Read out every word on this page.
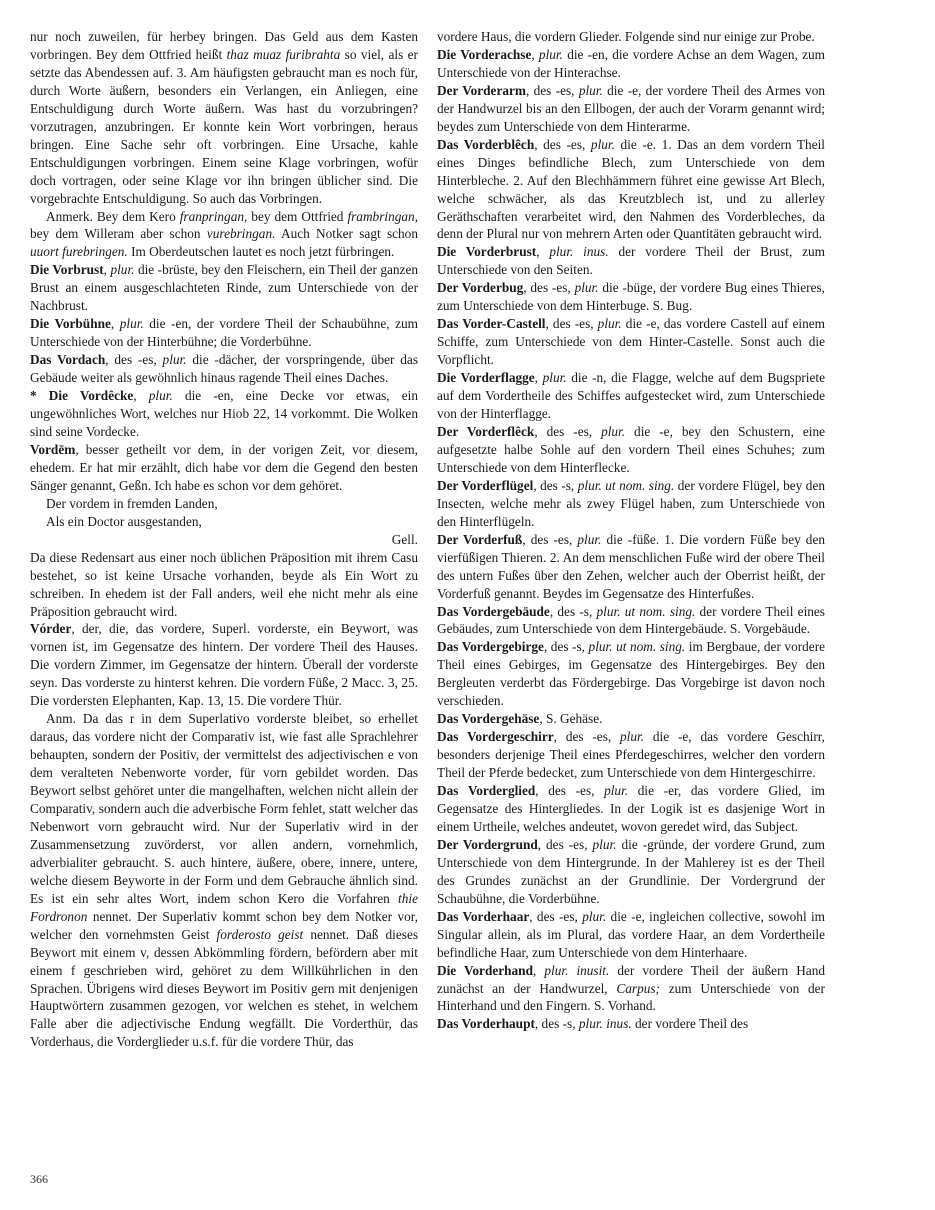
nur noch zuweilen, für herbey bringen. Das Geld aus dem Kasten vorbringen. Bey dem Ottfried heißt thaz muaz furibrahta so viel, als er setzte das Abendessen auf. 3. Am häufigsten gebraucht man es noch für, durch Worte äußern, besonders ein Verlangen, ein Anliegen, eine Entschuldigung durch Worte äußern. Was hast du vorzubringen? vorzutragen, anzubringen. Er konnte kein Wort vorbringen, heraus bringen. Eine Sache sehr oft vorbringen. Eine Ursache, kahle Entschuldigungen vorbringen. Einem seine Klage vorbringen, wofür doch vortragen, oder seine Klage vor ihn bringen üblicher sind. Die vorgebrachte Entschuldigung. So auch das Vorbringen.

Anmerk. Bey dem Kero franpringan, bey dem Ottfried frambringan, bey dem Willeram aber schon vurebringan. Auch Notker sagt schon uuort furebringen. Im Oberdeutschen lautet es noch jetzt fürbringen.

Die Vorbrust, plur. die -brüste, bey den Fleischern, ein Theil der ganzen Brust an einem ausgeschlachteten Rinde, zum Unterschiede von der Nachbrust.

Die Vorbühne, plur. die -en, der vordere Theil der Schaubühne, zum Unterschiede von der Hinterbühne; die Vorderbühne.

Das Vordach, des -es, plur. die -dächer, der vorspringende, über das Gebäude weiter als gewöhnlich hinaus ragende Theil eines Daches.

* Die Vordêcke, plur. die -en, eine Decke vor etwas, ein ungewöhnliches Wort, welches nur Hiob 22, 14 vorkommt. Die Wolken sind seine Vordecke.

Vordēm, besser getheilt vor dem, in der vorigen Zeit, vor diesem, ehedem. Er hat mir erzählt, dich habe vor dem die Gegend den besten Sänger genannt, Geßn. Ich habe es schon vor dem gehöret.

Der vordem in fremden Landen,

Als ein Doctor ausgestanden,

Gell.

Da diese Redensart aus einer noch üblichen Präposition mit ihrem Casu bestehet, so ist keine Ursache vorhanden, beyde als Ein Wort zu schreiben. In ehedem ist der Fall anders, weil ehe nicht mehr als eine Präposition gebraucht wird.

Vórder, der, die, das vordere, Superl. vorderste, ein Beywort, was vornen ist, im Gegensatze des hintern. Der vordere Theil des Hauses. Die vordern Zimmer, im Gegensatze der hintern. Überall der vorderste seyn. Das vorderste zu hinterst kehren. Die vordern Füße, 2 Macc. 3, 25. Die vordersten Elephanten, Kap. 13, 15. Die vordere Thür.

Anm. Da das r in dem Superlativo vorderste bleibet, so erhellet daraus, das vordere nicht der Comparativ ist, wie fast alle Sprachlehrer behaupten, sondern der Positiv, der vermittelst des adjectivischen e von dem veralteten Nebenworte vorder, für vorn gebildet worden. Das Beywort selbst gehöret unter die mangelhaften, welchen nicht allein der Comparativ, sondern auch die adverbische Form fehlet, statt welcher das Nebenwort vorn gebraucht wird. Nur der Superlativ wird in der Zusammensetzung zuvörderst, vor allen andern, vornehmlich, adverbialiter gebraucht. S. auch hintere, äußere, obere, innere, untere, welche diesem Beyworte in der Form und dem Gebrauche ähnlich sind. Es ist ein sehr altes Wort, indem schon Kero die Vorfahren thie Fordronon nennet. Der Superlativ kommt schon bey dem Notker vor, welcher den vornehmsten Geist forderosto geist nennet. Daß dieses Beywort mit einem v, dessen Abkömmling fördern, befördern aber mit einem f geschrieben wird, gehöret zu dem Willkührlichen in den Sprachen. Übrigens wird dieses Beywort im Positiv gern mit denjenigen Hauptwörtern zusammen gezogen, vor welchen es stehet, in welchem Falle aber die adjectivische Endung wegfällt. Die Vorderthür, das Vorderhaus, die Vorderglieder u.s.f. für die vordere Thür, das

vordere Haus, die vordern Glieder. Folgende sind nur einige zur Probe.

Die Vorderachse, plur. die -en, die vordere Achse an dem Wagen, zum Unterschiede von der Hinterachse.

Der Vorderarm, des -es, plur. die -e, der vordere Theil des Armes von der Handwurzel bis an den Ellbogen, der auch der Vorarm genannt wird; beydes zum Unterschiede von dem Hinterarme.

Das Vorderblêch, des -es, plur. die -e. 1. Das an dem vordern Theil eines Dinges befindliche Blech, zum Unterschiede von dem Hinterbleche. 2. Auf den Blechhämmern führet eine gewisse Art Blech, welche schwächer, als das Kreutzblech ist, und zu allerley Geräthschaften verarbeitet wird, den Nahmen des Vorderbleches, da denn der Plural nur von mehrern Arten oder Quantitäten gebraucht wird.

Die Vorderbrust, plur. inus. der vordere Theil der Brust, zum Unterschiede von den Seiten.

Der Vorderbug, des -es, plur. die -büge, der vordere Bug eines Thieres, zum Unterschiede von dem Hinterbuge. S. Bug.

Das Vorder-Castell, des -es, plur. die -e, das vordere Castell auf einem Schiffe, zum Unterschiede von dem Hinter-Castelle. Sonst auch die Vorpflicht.

Die Vorderflagge, plur. die -n, die Flagge, welche auf dem Bugspriete auf dem Vordertheile des Schiffes aufgestecket wird, zum Unterschiede von der Hinterflagge.

Der Vorderflêck, des -es, plur. die -e, bey den Schustern, eine aufgesetzte halbe Sohle auf den vordern Theil eines Schuhes; zum Unterschiede von dem Hinterflecke.

Der Vorderflügel, des -s, plur. ut nom. sing. der vordere Flügel, bey den Insecten, welche mehr als zwey Flügel haben, zum Unterschiede von den Hinterflügeln.

Der Vorderfuß, des -es, plur. die -füße. 1. Die vordern Füße bey den vierfüßigen Thieren. 2. An dem menschlichen Fuße wird der obere Theil des untern Fußes über den Zehen, welcher auch der Oberrist heißt, der Vorderfuß genannt. Beydes im Gegensatze des Hinterfußes.

Das Vordergebäude, des -s, plur. ut nom. sing. der vordere Theil eines Gebäudes, zum Unterschiede von dem Hintergebäude. S. Vorgebäude.

Das Vordergebirge, des -s, plur. ut nom. sing. im Bergbaue, der vordere Theil eines Gebirges, im Gegensatze des Hintergebirges. Bey den Bergleuten verderbt das Fördergebirge. Das Vorgebirge ist davon noch verschieden.

Das Vordergehäse, S. Gehäse.

Das Vordergeschirr, des -es, plur. die -e, das vordere Geschirr, besonders derjenige Theil eines Pferdegeschirres, welcher den vordern Theil der Pferde bedecket, zum Unterschiede von dem Hintergeschirre.

Das Vorderglied, des -es, plur. die -er, das vordere Glied, im Gegensatze des Hintergliedes. In der Logik ist es dasjenige Wort in einem Urtheile, welches andeutet, wovon geredet wird, das Subject.

Der Vordergrund, des -es, plur. die -gründe, der vordere Grund, zum Unterschiede von dem Hintergrunde. In der Mahlerey ist es der Theil des Grundes zunächst an der Grundlinie. Der Vordergrund der Schaubühne, die Vorderbühne.

Das Vorderhaar, des -es, plur. die -e, ingleichen collective, sowohl im Singular allein, als im Plural, das vordere Haar, an dem Vordertheile befindliche Haar, zum Unterschiede von dem Hinterhaare.

Die Vorderhand, plur. inusit. der vordere Theil der äußern Hand zunächst an der Handwurzel, Carpus; zum Unterschiede von der Hinterhand und den Fingern. S. Vorhand.

Das Vorderhaupt, des -s, plur. inus. der vordere Theil des

366
